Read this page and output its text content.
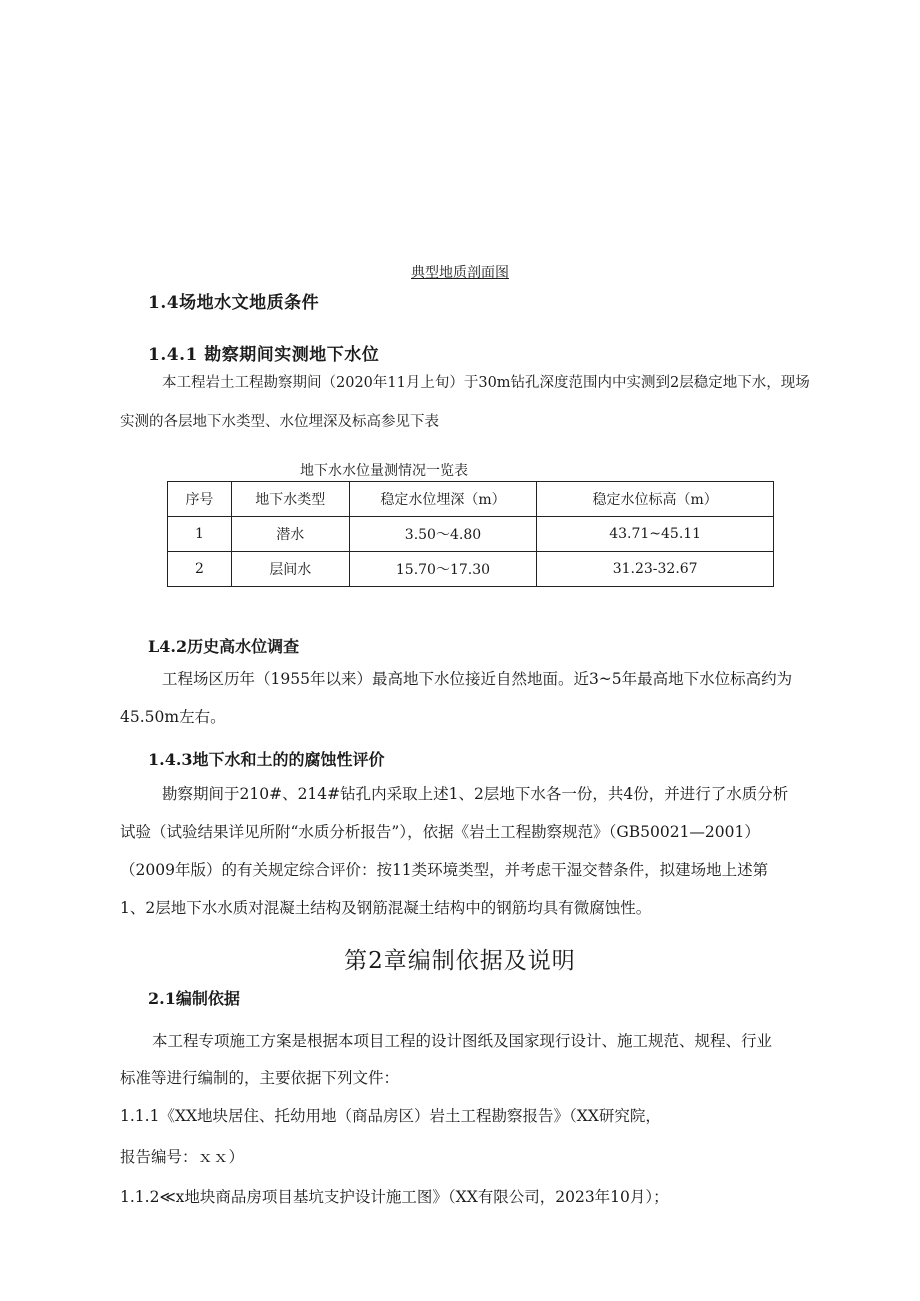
典型地质剖面图
1.4场地水文地质条件
1.4.1 勘察期间实测地下水位
本工程岩土工程勘察期间（2020年11月上旬）于30m钻孔深度范围内中实测到2层稳定地下水，现场
实测的各层地下水类型、水位埋深及标高参见下表
地下水水位量测情况一览表
序号	地下水类型	稳定水位埋深（m）	稳定水位标高（m）
1	潜水	3.50～4.80	43.71~45.11
2	层间水	15.70～17.30	31.23-32.67
L4.2历史高水位调查
工程场区历年（1955年以来）最高地下水位接近自然地面。近3~5年最高地下水位标高约为
45.50m左右。
1.4.3地下水和土的的腐蚀性评价
勘察期间于210#、214#钻孔内采取上述1、2层地下水各一份，共4份，并进行了水质分析
试验（试验结果详见所附“水质分析报告”），依据《岩土工程勘察规范》（GB50021—2001）
（2009年版）的有关规定综合评价：按11类环境类型，并考虑干湿交替条件，拟建场地上述第
1、2层地下水水质对混凝土结构及钢筋混凝土结构中的钢筋均具有微腐蚀性。
第2章编制依据及说明
2.1编制依据
本工程专项施工方案是根据本项目工程的设计图纸及国家现行设计、施工规范、规程、行业
标准等进行编制的，主要依据下列文件：
1.1.1《XX地块居住、托幼用地（商品房区）岩土工程勘察报告》（XX研究院，
报告编号：ｘｘ）
1.1.2≪x地块商品房项目基坑支护设计施工图》（XX有限公司，2023年10月）；
